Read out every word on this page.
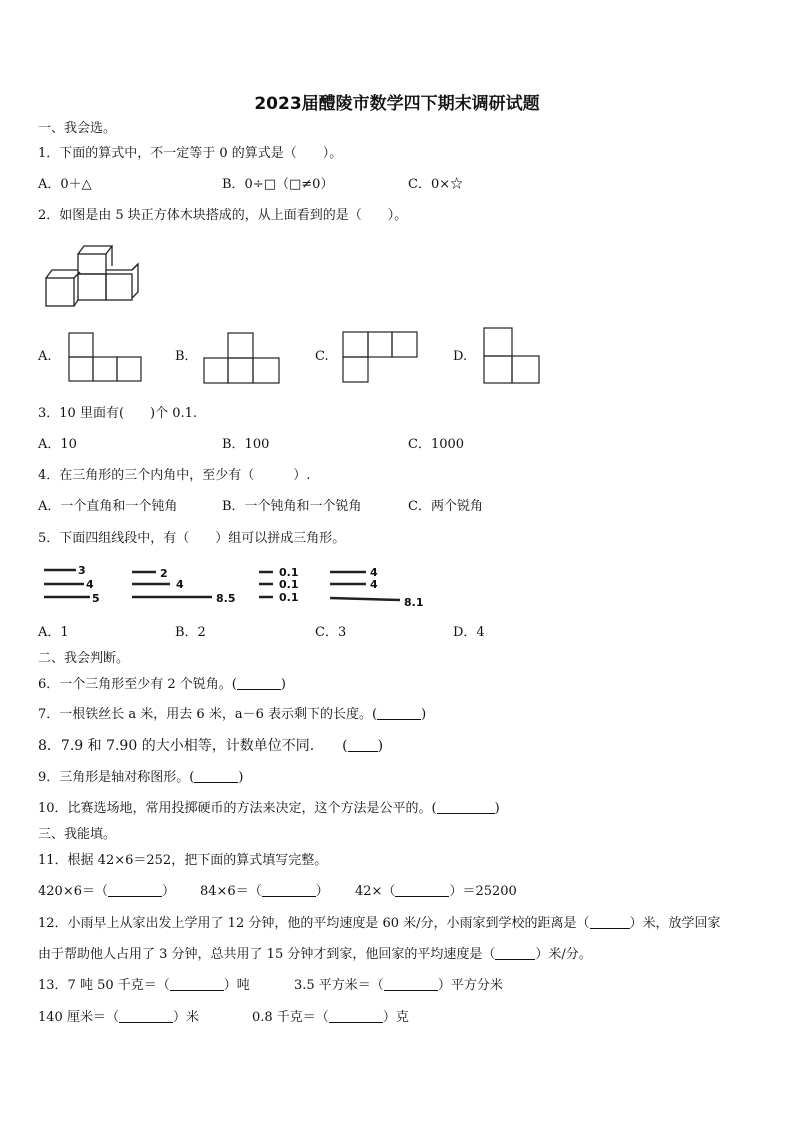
2023届醴陵市数学四下期末调研试题
一、我会选。
1．下面的算式中，不一定等于 0 的算式是（　　）。
A．0＋△	B．0÷□（□≠0）	C．0×☆
2．如图是由 5 块正方体木块搭成的，从上面看到的是（　　）。
A.	B．	C.	D.
3．10 里面有(　　)个 0.1.
A．10	B．100	C．1000
4．在三角形的三个内角中，至少有（　　　）.
A．一个直角和一个钝角	B．一个钝角和一个锐角	C．两个锐角
5．下面四组线段中，有（　　）组可以拼成三角形。
3
4
5
2
4
8.5
0.1
0.1
0.1
4
4
8.1
A．1	B．2	C．3	D．4
二、我会判断。
6．一个三角形至少有 2 个锐角。(	)
7．一根铁丝长 a 米，用去 6 米，a－6 表示剩下的长度。(	)
8．7.9 和 7.90 的大小相等，计数单位不同.　　( )
9．三角形是轴对称图形。(	)
10．比赛选场地，常用投掷硬币的方法来决定，这个方法是公平的。(	)
三、我能填。
11．根据 42×6＝252，把下面的算式填写完整。
420×6＝（	） 84×6＝（	） 42×（	）＝25200
12．小雨早上从家出发上学用了 12 分钟，他的平均速度是 60 米/分，小雨家到学校的距离是（	）米，放学回家
由于帮助他人占用了 3 分钟，总共用了 15 分钟才到家，他回家的平均速度是（	）米/分。
13．7 吨 50 千克＝（	）吨	3.5 平方米＝（	）平方分米
140 厘米＝（	）米	0.8 千克＝（	）克
